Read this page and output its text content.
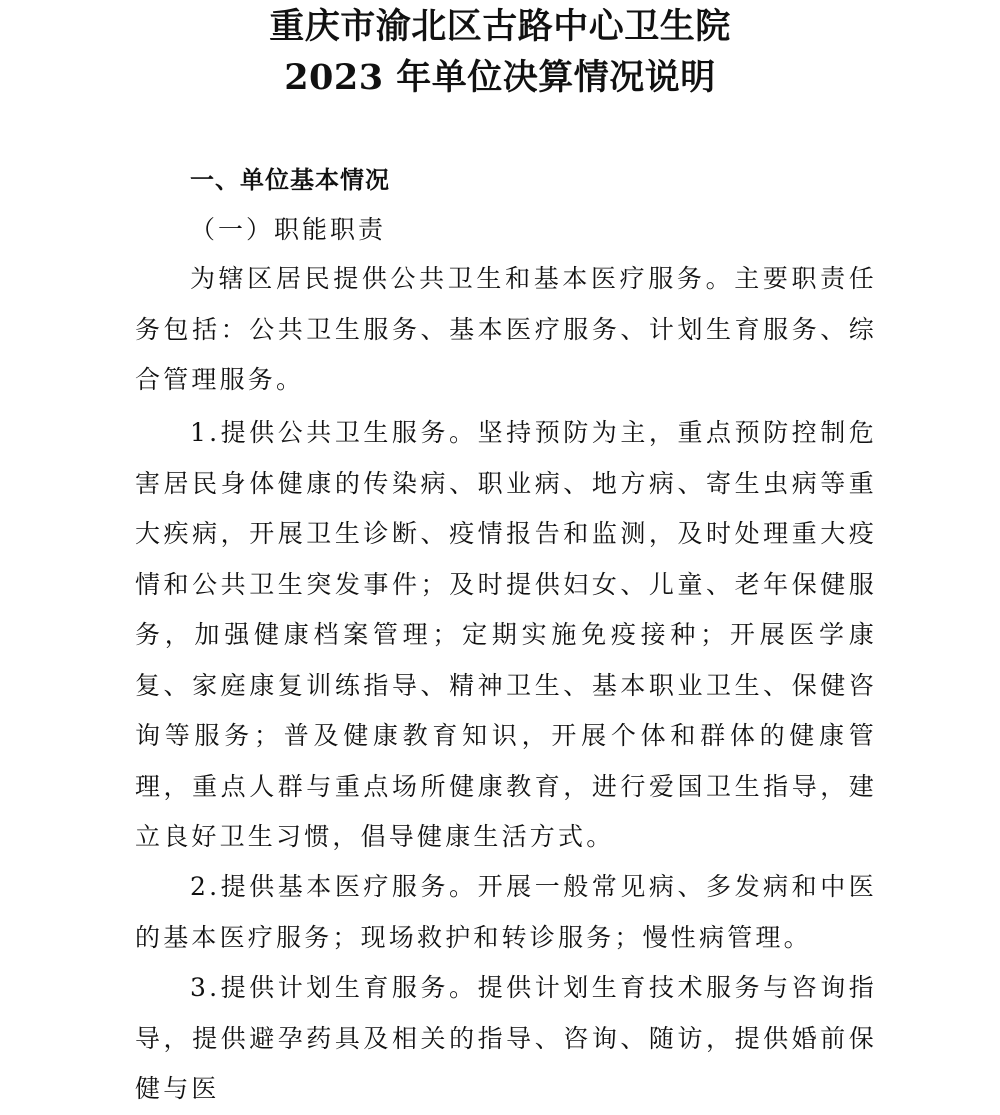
重庆市渝北区古路中心卫生院
2023 年单位决算情况说明
一、单位基本情况
（一）职能职责

为辖区居民提供公共卫生和基本医疗服务。主要职责任务包括：公共卫生服务、基本医疗服务、计划生育服务、综合管理服务。

1.提供公共卫生服务。坚持预防为主，重点预防控制危害居民身体健康的传染病、职业病、地方病、寄生虫病等重大疾病，开展卫生诊断、疫情报告和监测，及时处理重大疫情和公共卫生突发事件；及时提供妇女、儿童、老年保健服务，加强健康档案管理；定期实施免疫接种；开展医学康复、家庭康复训练指导、精神卫生、基本职业卫生、保健咨询等服务；普及健康教育知识，开展个体和群体的健康管理，重点人群与重点场所健康教育，进行爱国卫生指导，建立良好卫生习惯，倡导健康生活方式。

2.提供基本医疗服务。开展一般常见病、多发病和中医的基本医疗服务；现场救护和转诊服务；慢性病管理。

3.提供计划生育服务。提供计划生育技术服务与咨询指导，提供避孕药具及相关的指导、咨询、随访，提供婚前保健与医
